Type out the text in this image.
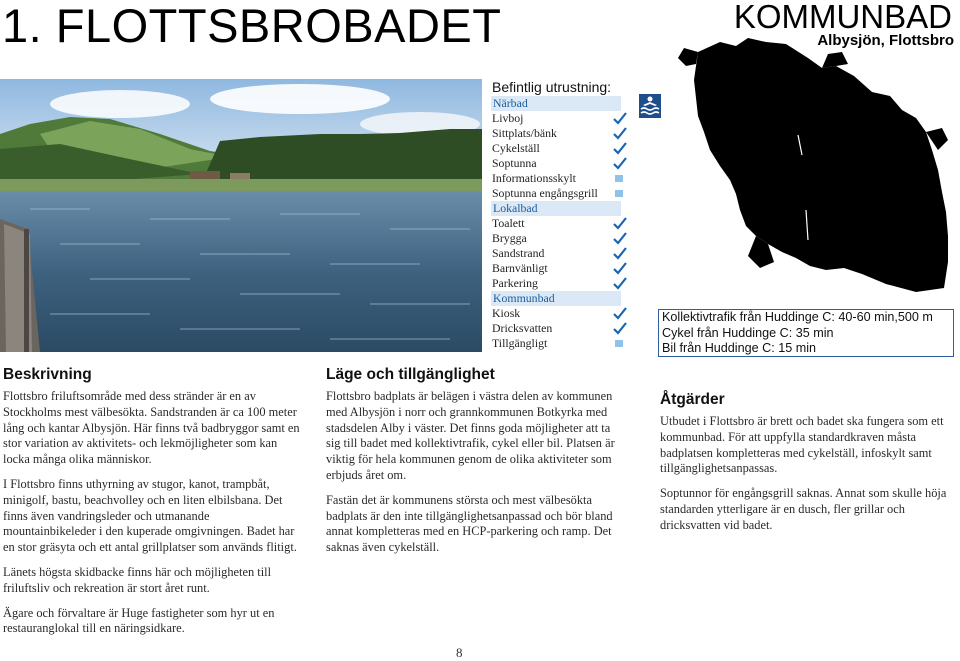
1. FLOTTSBROBADET	KOMMUNBAD
Albysjön, Flottsbro
Befintlig utrustning:
Närbad
Livboj
Sittplats/bänk
Cykelställ
Soptunna
Informationsskylt
Soptunna engångsgrill
Lokalbad
Toalett
Brygga
Sandstrand
Barnvänligt
Parkering
Kommunbad
Kiosk
Dricksvatten
Tillgängligt
Kollektivtrafik från Huddinge C: 40-60 min,500 m
Cykel från Huddinge C: 35 min
Bil från Huddinge C: 15 min
Beskrivning

Flottsbro friluftsområde med dess stränder är en av Stockholms mest välbesökta. Sandstranden är ca 100 meter lång och kantar Albysjön. Här finns två badbryggor samt en stor variation av aktivitets- och lekmöjligheter som kan locka många olika människor.

I Flottsbro finns uthyrning av stugor, kanot, trampbåt, minigolf, bastu, beachvolley och en liten elbilsbana. Det finns även vandringsleder och utmanande mountainbikeleder i den kuperade omgivningen. Badet har en stor gräsyta och ett antal grillplatser som används flitigt.

Länets högsta skidbacke finns här och möjligheten till friluftsliv och rekreation är stort året runt.

Ägare och förvaltare är Huge fastigheter som hyr ut en restauranglokal till en näringsidkare.

Läge och tillgänglighet

Flottsbro badplats är belägen i västra delen av kommunen med Albysjön i norr och grannkommunen Botkyrka med stadsdelen Alby i väster. Det finns goda möjligheter att ta sig till badet med kollektivtrafik, cykel eller bil. Platsen är viktig för hela kommunen genom de olika aktiviteter som erbjuds året om.

Fastän det är kommunens största och mest välbesökta badplats är den inte tillgänglighetsanpassad och bör bland annat kompletteras med en HCP-parkering och ramp. Det saknas även cykelställ.

Åtgärder

Utbudet i Flottsbro är brett och badet ska fungera som ett kommunbad. För att uppfylla standardkraven måsta badplatsen kompletteras med cykelställ, infoskylt samt tillgänglighetsanpassas.

Soptunnor för engångsgrill saknas. Annat som skulle höja standarden ytterligare är en dusch, fler grillar och dricksvatten vid badet.

8
